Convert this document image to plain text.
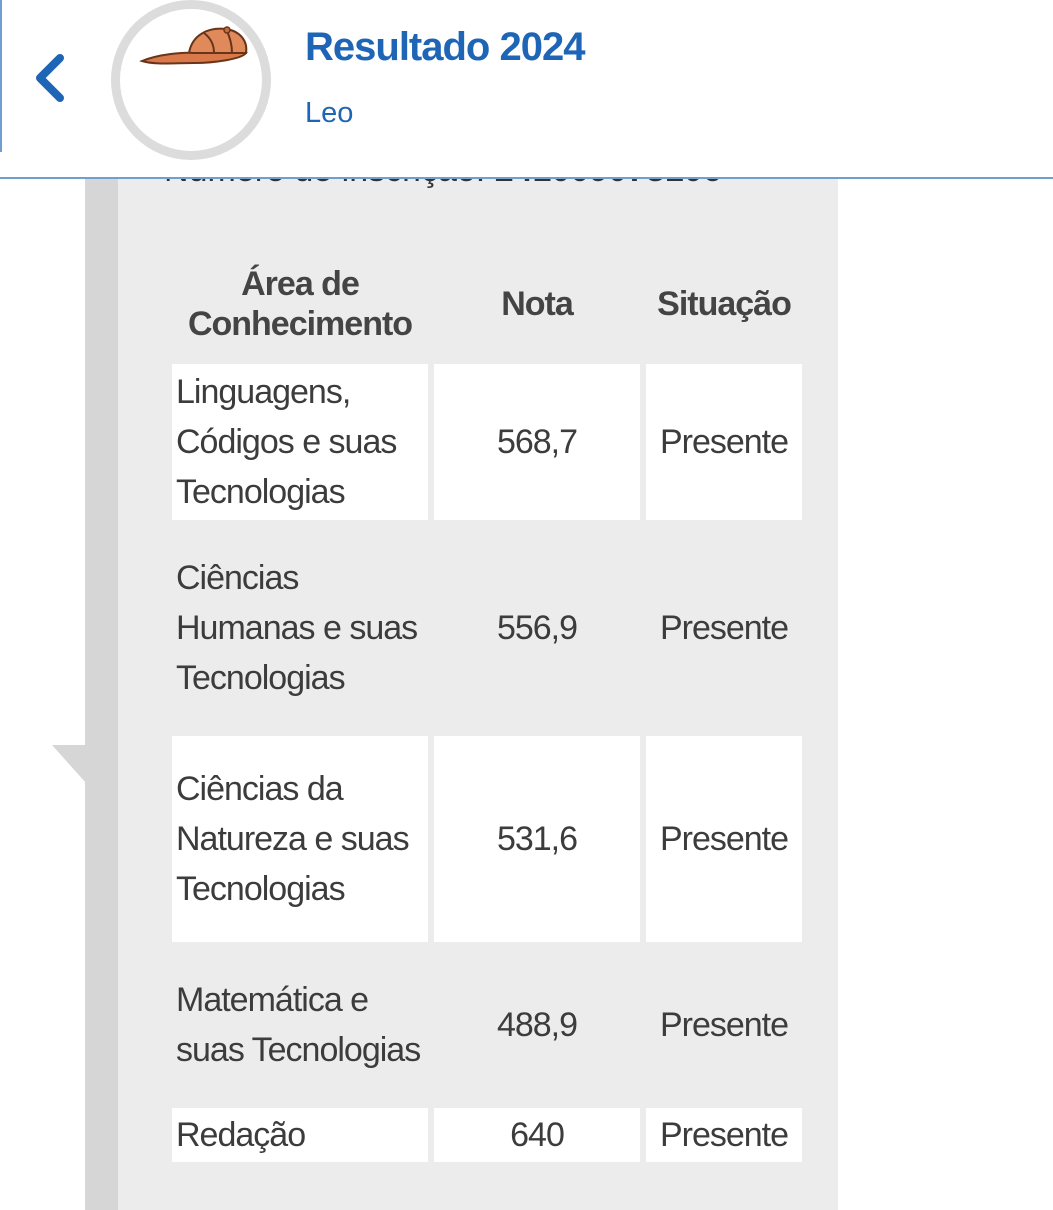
Resultado 2024

Leo

Área de Conhecimento	Nota	Situação
Linguagens, Códigos e suas Tecnologias	568,7	Presente
Ciências Humanas e suas Tecnologias	556,9	Presente
Ciências da Natureza e suas Tecnologias	531,6	Presente
Matemática e suas Tecnologias	488,9	Presente
Redação	640	Presente
